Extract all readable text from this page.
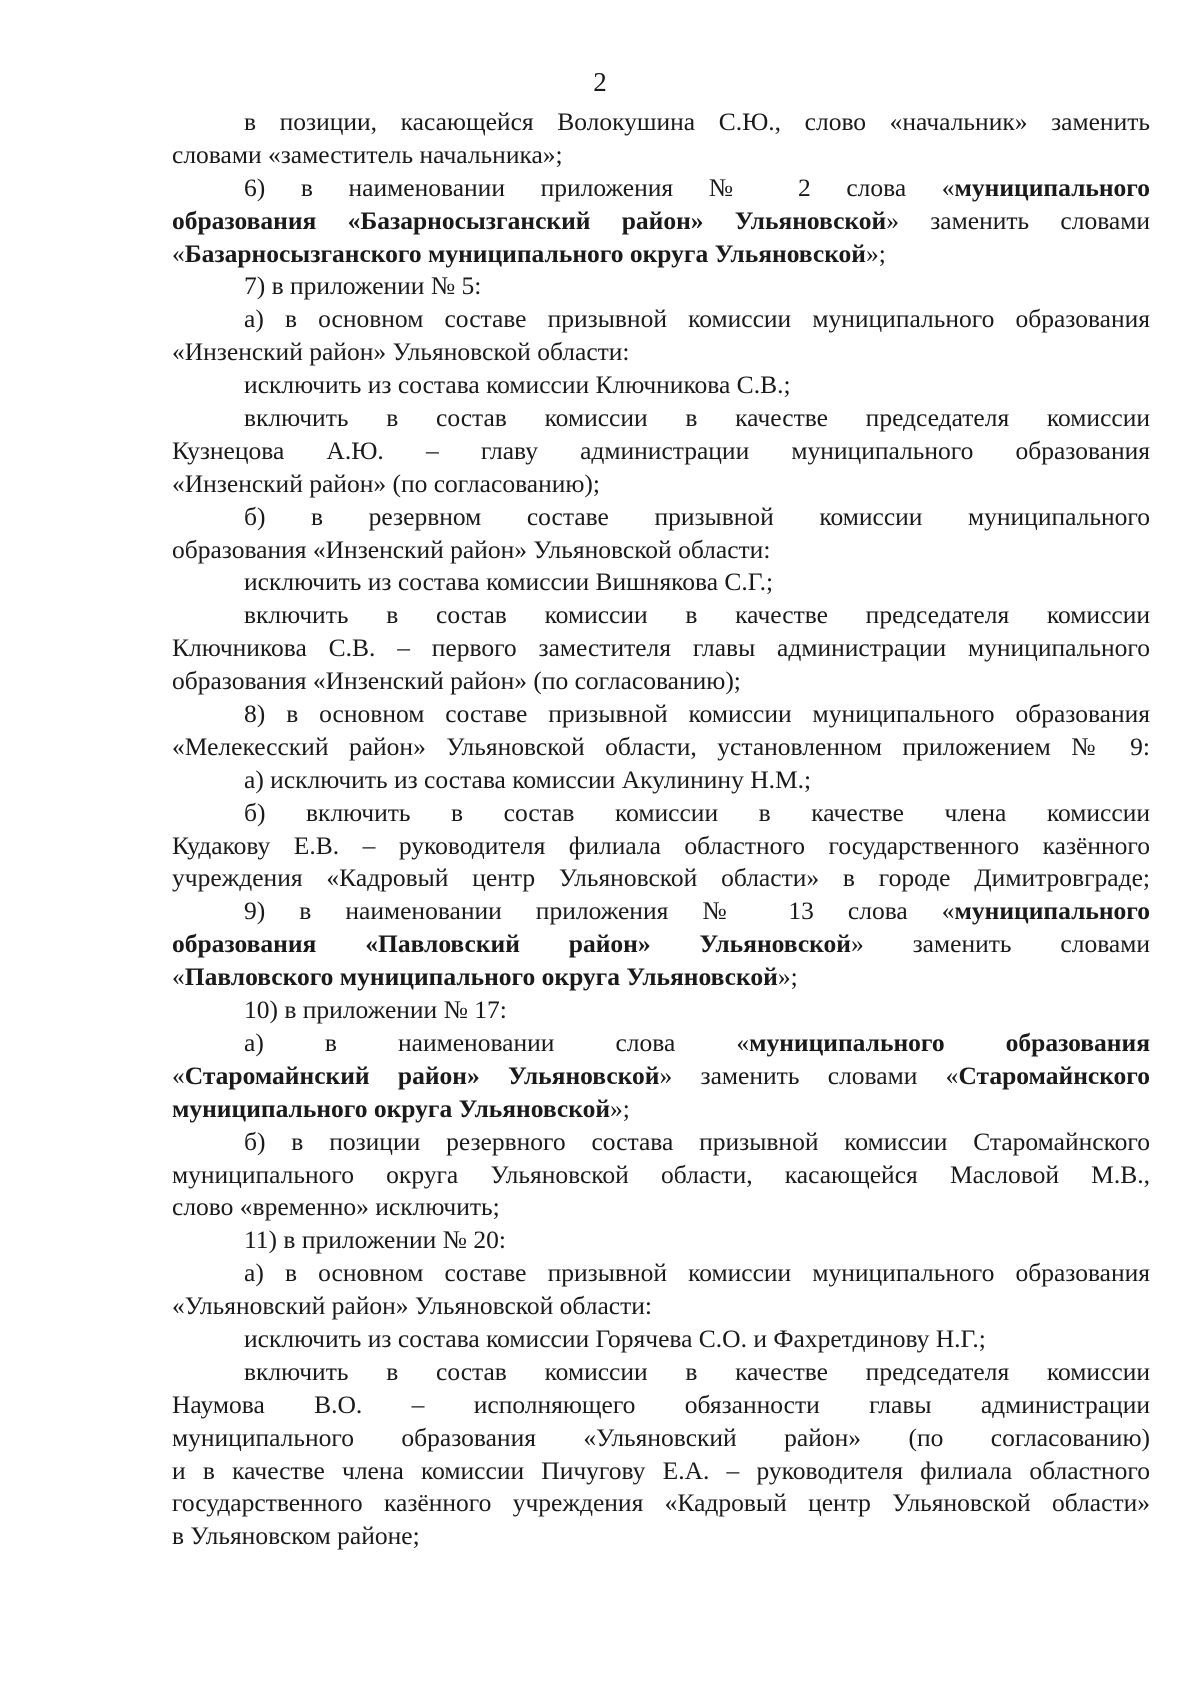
2
в позиции, касающейся Волокушина С.Ю., слово «начальник» заменить
словами «заместитель начальника»;
6) в наименовании приложения № 2 слова «муниципального
образования «Базарносызганский район» Ульяновской» заменить словами
«Базарносызганского муниципального округа Ульяновской»;
7) в приложении № 5:
а) в основном составе призывной комиссии муниципального образования
«Инзенский район» Ульяновской области:
исключить из состава комиссии Ключникова С.В.;
включить в состав комиссии в качестве председателя комиссии
Кузнецова А.Ю. – главу администрации муниципального образования
«Инзенский район» (по согласованию);
б) в резервном составе призывной комиссии муниципального
образования «Инзенский район» Ульяновской области:
исключить из состава комиссии Вишнякова С.Г.;
включить в состав комиссии в качестве председателя комиссии
Ключникова С.В. – первого заместителя главы администрации муниципального
образования «Инзенский район» (по согласованию);
8) в основном составе призывной комиссии муниципального образования
«Мелекесский район» Ульяновской области, установленном приложением № 9:
а) исключить из состава комиссии Акулинину Н.М.;
б) включить в состав комиссии в качестве члена комиссии
Кудакову Е.В. – руководителя филиала областного государственного казённого
учреждения «Кадровый центр Ульяновской области» в городе Димитровграде;
9) в наименовании приложения № 13 слова «муниципального
образования «Павловский район» Ульяновской» заменить словами
«Павловского муниципального округа Ульяновской»;
10) в приложении № 17:
а) в наименовании слова «муниципального образования
«Старомайнский район» Ульяновской» заменить словами «Старомайнского
муниципального округа Ульяновской»;
б) в позиции резервного состава призывной комиссии Старомайнского
муниципального округа Ульяновской области, касающейся Масловой М.В.,
слово «временно» исключить;
11) в приложении № 20:
а) в основном составе призывной комиссии муниципального образования
«Ульяновский район» Ульяновской области:
исключить из состава комиссии Горячева С.О. и Фахретдинову Н.Г.;
включить в состав комиссии в качестве председателя комиссии
Наумова В.О. – исполняющего обязанности главы администрации
муниципального образования «Ульяновский район» (по согласованию)
и в качестве члена комиссии Пичугову Е.А. – руководителя филиала областного
государственного казённого учреждения «Кадровый центр Ульяновской области»
в Ульяновском районе;
